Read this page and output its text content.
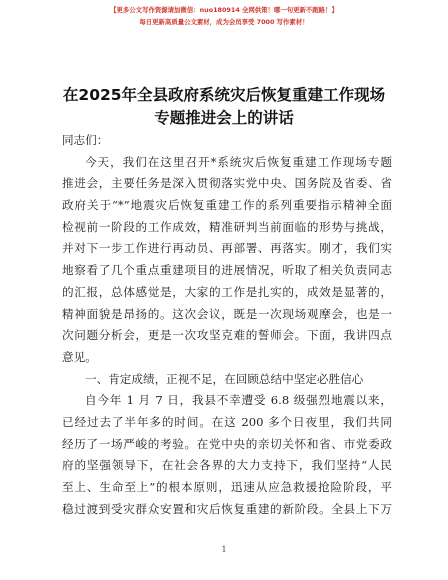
【更多公文写作资源请加微信：nuo180914 全网供策！哪一句更新不跑路！】
每日更新高质量公文素材，成为会员享受 7000 写作素材！
在2025年全县政府系统灾后恢复重建工作现场
专题推进会上的讲话
同志们：
今天，我们在这里召开*系统灾后恢复重建工作现场专题
推进会，主要任务是深入贯彻落实党中央、国务院及省委、省
政府关于“*”地震灾后恢复重建工作的系列重要指示精神全面
检视前一阶段的工作成效，精准研判当前面临的形势与挑战，
并对下一步工作进行再动员、再部署、再落实。刚才，我们实
地察看了几个重点重建项目的进展情况，听取了相关负责同志
的汇报，总体感觉是，大家的工作是扎实的，成效是显著的，
精神面貌是昂扬的。这次会议，既是一次现场观摩会，也是一
次问题分析会，更是一次攻坚克难的誓师会。下面，我讲四点
意见。
一、肯定成绩，正视不足，在回顾总结中坚定必胜信心
自今年 1 月 7 日，我县不幸遭受 6.8 级强烈地震以来，
已经过去了半年多的时间。在这 200 多个日夜里，我们共同
经历了一场严峻的考验。在党中央的亲切关怀和省、市党委政
府的坚强领导下，在社会各界的大力支持下，我们坚持“人民
至上、生命至上”的根本原则，迅速从应急救援抢险阶段，平
稳过渡到受灾群众安置和灾后恢复重建的新阶段。全县上下万
1
